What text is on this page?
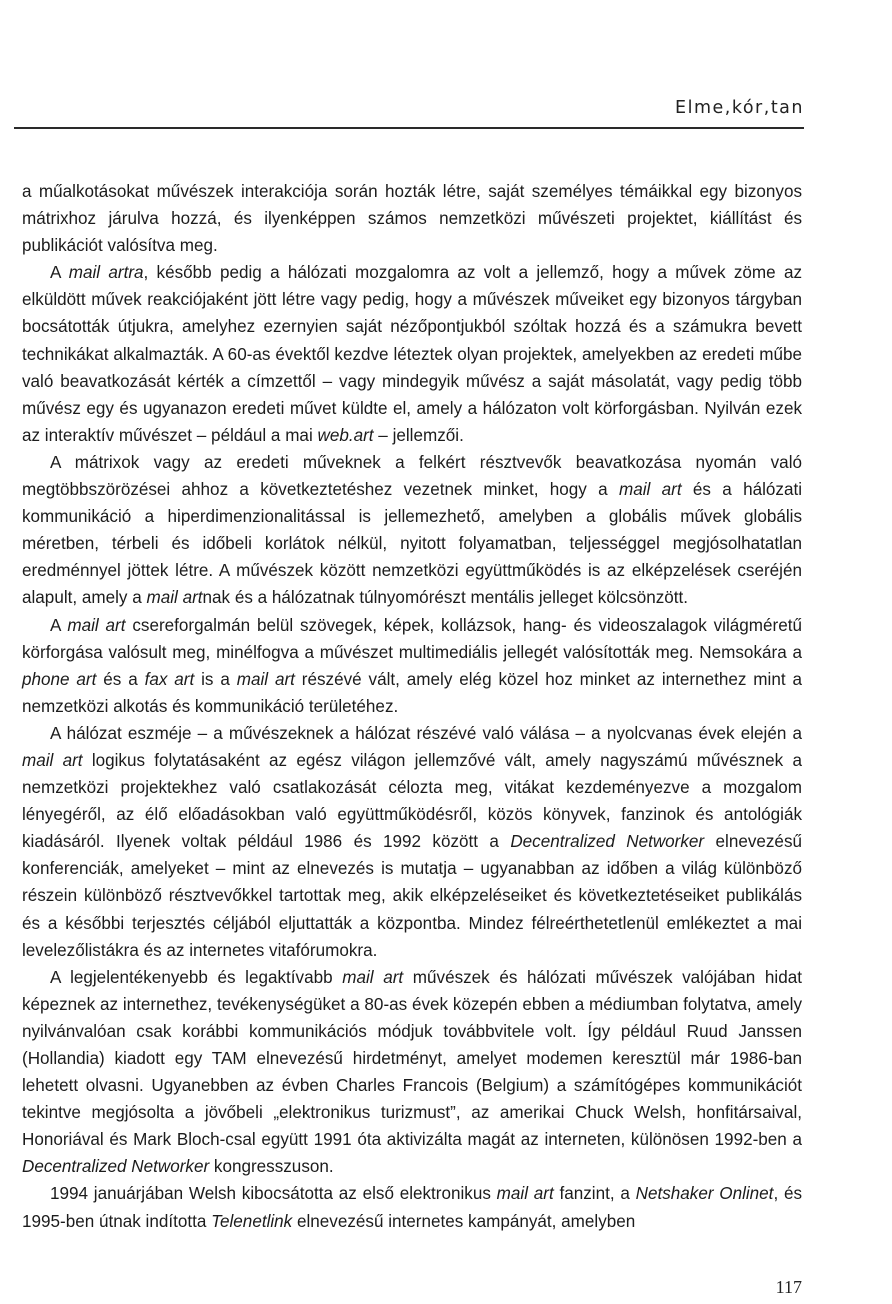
Elme,kór,tan

a műalkotásokat művészek interakciója során hozták létre, saját személyes témáikkal egy bizonyos mátrixhoz járulva hozzá, és ilyenképpen számos nemzetközi művészeti projektet, kiállítást és publikációt valósítva meg.

A mail artra, később pedig a hálózati mozgalomra az volt a jellemző, hogy a művek zöme az elküldött művek reakciójaként jött létre vagy pedig, hogy a művészek műveiket egy bizonyos tárgyban bocsátották útjukra, amelyhez ezernyien saját nézőpontjukból szóltak hozzá és a számukra bevett technikákat alkalmazták. A 60-as évektől kezdve léteztek olyan projektek, amelyekben az eredeti műbe való beavatkozását kérték a címzettől – vagy mindegyik művész a saját másolatát, vagy pedig több művész egy és ugyanazon eredeti művet küldte el, amely a hálózaton volt körforgásban. Nyilván ezek az interaktív művészet – például a mai web.art – jellemzői.

A mátrixok vagy az eredeti műveknek a felkért résztvevők beavatkozása nyomán való megtöbbszörözései ahhoz a következtetéshez vezetnek minket, hogy a mail art és a hálózati kommunikáció a hiperdimenzionalitással is jellemezhető, amelyben a globális művek globális méretben, térbeli és időbeli korlátok nélkül, nyitott folyamatban, teljességgel megjósolhatatlan eredménnyel jöttek létre. A művészek között nemzetközi együttműködés is az elképzelések cseréjén alapult, amely a mail artnak és a hálózatnak túlnyomórészt mentális jelleget kölcsönzött.

A mail art csereforgalmán belül szövegek, képek, kollázsok, hang- és videoszalagok világméretű körforgása valósult meg, minélfogva a művészet multimediális jellegét valósították meg. Nemsokára a phone art és a fax art is a mail art részévé vált, amely elég közel hoz minket az internethez mint a nemzetközi alkotás és kommunikáció területéhez.

A hálózat eszméje – a művészeknek a hálózat részévé való válása – a nyolcvanas évek elején a mail art logikus folytatásaként az egész világon jellemzővé vált, amely nagyszámú művésznek a nemzetközi projektekhez való csatlakozását célozta meg, vitákat kezdeményezve a mozgalom lényegéről, az élő előadásokban való együttműködésről, közös könyvek, fanzinok és antológiák kiadásáról. Ilyenek voltak például 1986 és 1992 között a Decentralized Networker elnevezésű konferenciák, amelyeket – mint az elnevezés is mutatja – ugyanabban az időben a világ különböző részein különböző résztvevőkkel tartottak meg, akik elképzeléseiket és következtetéseiket publikálás és a későbbi terjesztés céljából eljuttatták a központba. Mindez félreérthetetlenül emlékeztet a mai levelezőlistákra és az internetes vitafórumokra.

A legjelentékenyebb és legaktívabb mail art művészek és hálózati művészek valójában hidat képeznek az internethez, tevékenységüket a 80-as évek közepén ebben a médiumban folytatva, amely nyilvánvalóan csak korábbi kommunikációs módjuk továbbvitele volt. Így például Ruud Janssen (Hollandia) kiadott egy TAM elnevezésű hirdetményt, amelyet modemen keresztül már 1986-ban lehetett olvasni. Ugyanebben az évben Charles Francois (Belgium) a számítógépes kommunikációt tekintve megjósolta a jövőbeli „elektronikus turizmust”, az amerikai Chuck Welsh, honfitársaival, Honoriával és Mark Bloch-csal együtt 1991 óta aktivizálta magát az interneten, különösen 1992-ben a Decentralized Networker kongresszuson.

1994 januárjában Welsh kibocsátotta az első elektronikus mail art fanzint, a Netshaker Onlinet, és 1995-ben útnak indította Telenetlink elnevezésű internetes kampányát, amelyben

117
